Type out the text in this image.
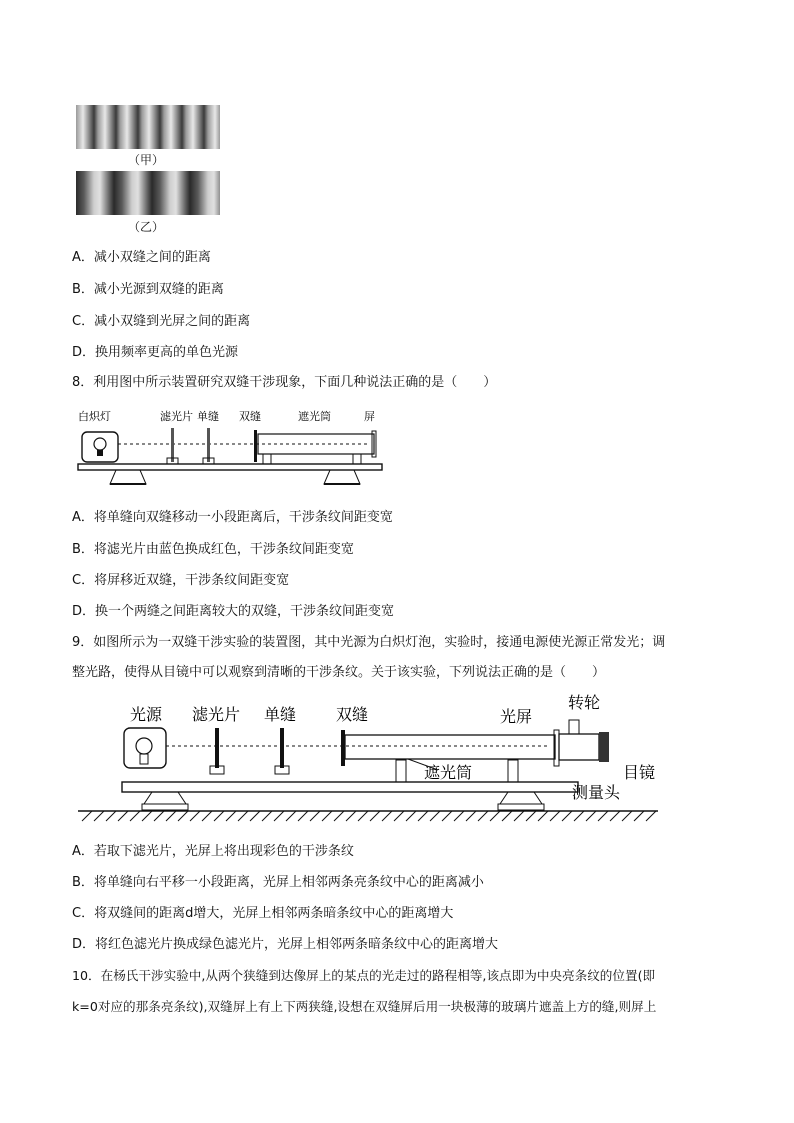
（甲）
（乙）
A．减小双缝之间的距离
B．减小光源到双缝的距离
C．减小双缝到光屏之间的距离
D．换用频率更高的单色光源
8．利用图中所示装置研究双缝干涉现象，下面几种说法正确的是（　　）
白炽灯	滤光片 单缝 双缝	遮光筒	屏
A．将单缝向双缝移动一小段距离后，干涉条纹间距变宽
B．将滤光片由蓝色换成红色，干涉条纹间距变宽
C．将屏移近双缝，干涉条纹间距变宽
D．换一个两缝之间距离较大的双缝，干涉条纹间距变宽
9．如图所示为一双缝干涉实验的装置图，其中光源为白炽灯泡，实验时，接通电源使光源正常发光；调
整光路，使得从目镜中可以观察到清晰的干涉条纹。关于该实验，下列说法正确的是（　　）
光源 滤光片 单缝 双缝	光屏
转轮
遮光筒	目镜
测量头
A．若取下滤光片，光屏上将出现彩色的干涉条纹
B．将单缝向右平移一小段距离，光屏上相邻两条亮条纹中心的距离减小
C．将双缝间的距离d增大，光屏上相邻两条暗条纹中心的距离增大
D．将红色滤光片换成绿色滤光片，光屏上相邻两条暗条纹中心的距离增大
10．在杨氏干涉实验中,从两个狭缝到达像屏上的某点的光走过的路程相等,该点即为中央亮条纹的位置(即
k=0对应的那条亮条纹),双缝屏上有上下两狭缝,设想在双缝屏后用一块极薄的玻璃片遮盖上方的缝,则屏上
